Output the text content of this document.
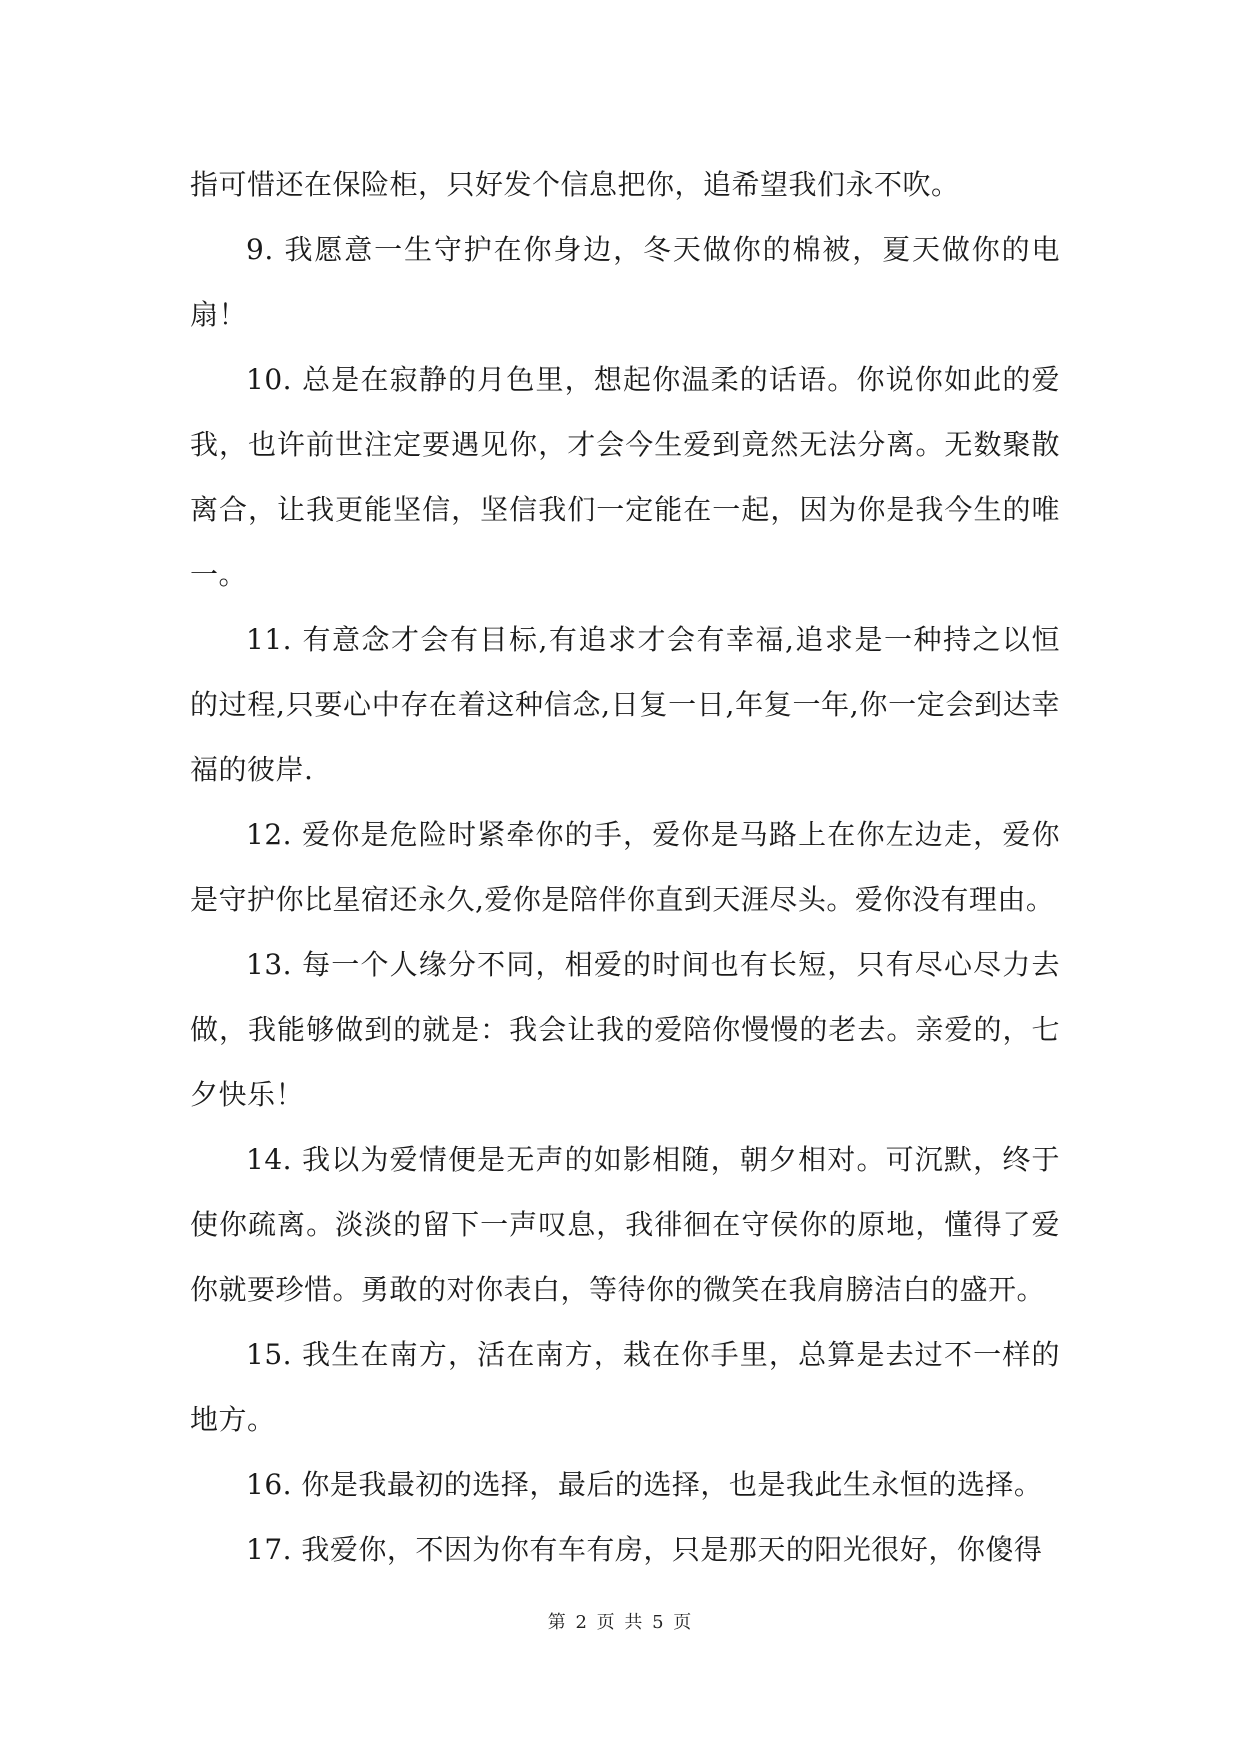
指可惜还在保险柜，只好发个信息把你，追希望我们永不吹。

9. 我愿意一生守护在你身边，冬天做你的棉被，夏天做你的电扇！

10. 总是在寂静的月色里，想起你温柔的话语。你说你如此的爱我，也许前世注定要遇见你，才会今生爱到竟然无法分离。无数聚散离合，让我更能坚信，坚信我们一定能在一起，因为你是我今生的唯一。

11. 有意念才会有目标,有追求才会有幸福,追求是一种持之以恒的过程,只要心中存在着这种信念,日复一日,年复一年,你一定会到达幸福的彼岸.

12. 爱你是危险时紧牵你的手，爱你是马路上在你左边走，爱你是守护你比星宿还永久,爱你是陪伴你直到天涯尽头。爱你没有理由。

13. 每一个人缘分不同，相爱的时间也有长短，只有尽心尽力去做，我能够做到的就是：我会让我的爱陪你慢慢的老去。亲爱的，七夕快乐！

14. 我以为爱情便是无声的如影相随，朝夕相对。可沉默，终于使你疏离。淡淡的留下一声叹息，我徘徊在守侯你的原地，懂得了爱你就要珍惜。勇敢的对你表白，等待你的微笑在我肩膀洁白的盛开。

15. 我生在南方，活在南方，栽在你手里，总算是去过不一样的地方。

16. 你是我最初的选择，最后的选择，也是我此生永恒的选择。

17. 我爱你，不因为你有车有房，只是那天的阳光很好，你傻得

第 2 页 共 5 页
